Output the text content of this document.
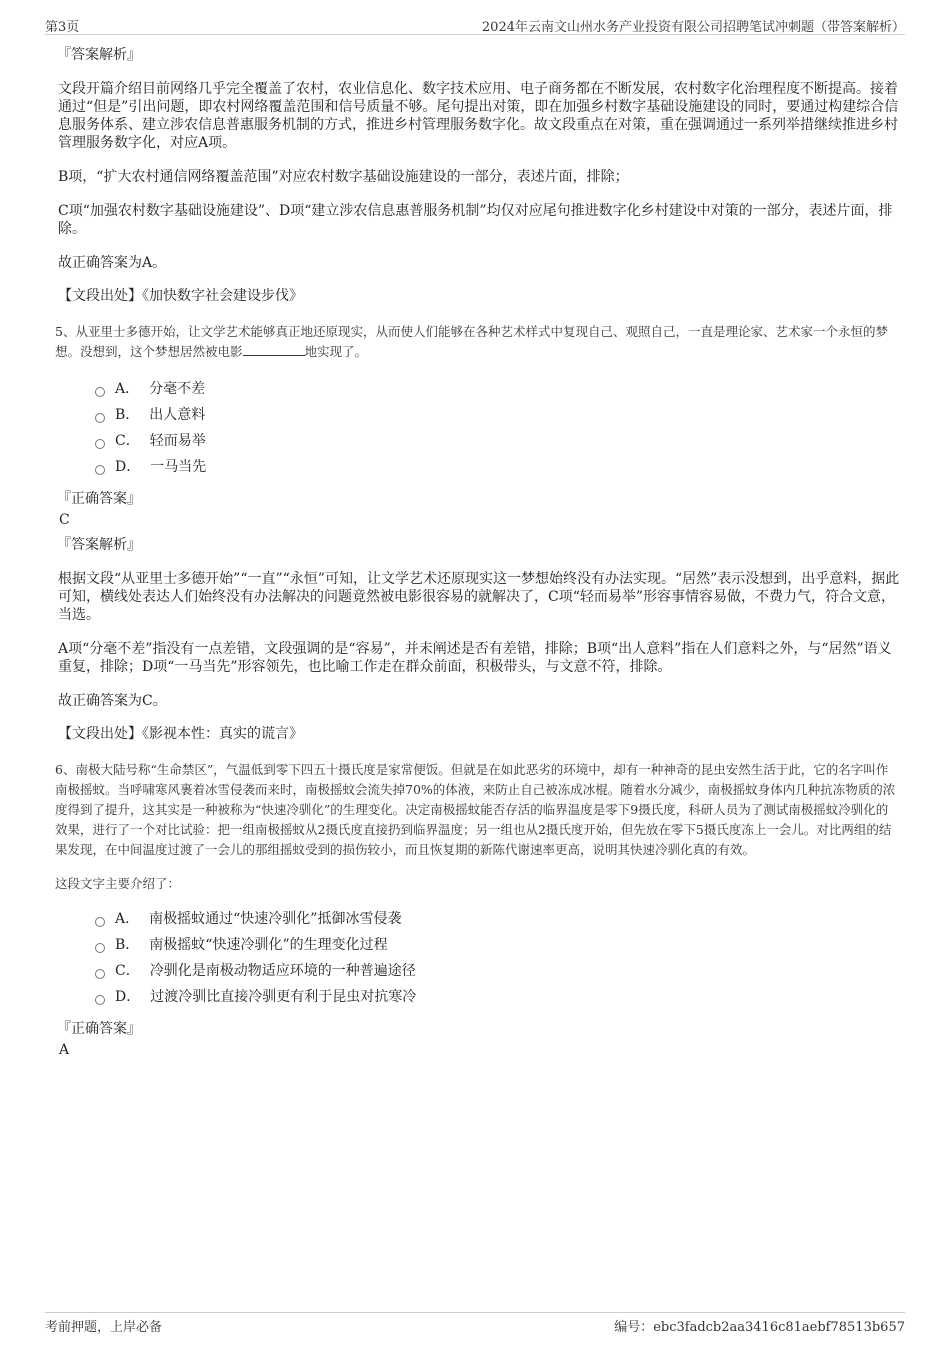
第3页	2024年云南文山州水务产业投资有限公司招聘笔试冲刺题（带答案解析）
『答案解析』

文段开篇介绍目前网络几乎完全覆盖了农村，农业信息化、数字技术应用、电子商务都在不断发展，农村数字化治理程度不断提高。接着通过“但是”引出问题，即农村网络覆盖范围和信号质量不够。尾句提出对策，即在加强乡村数字基础设施建设的同时，要通过构建综合信息服务体系、建立涉农信息普惠服务机制的方式，推进乡村管理服务数字化。故文段重点在对策，重在强调通过一系列举措继续推进乡村管理服务数字化，对应A项。

B项，“扩大农村通信网络覆盖范围”对应农村数字基础设施建设的一部分，表述片面，排除；

C项“加强农村数字基础设施建设”、D项“建立涉农信息惠普服务机制”均仅对应尾句推进数字化乡村建设中对策的一部分，表述片面，排除。

故正确答案为A。

【文段出处】《加快数字社会建设步伐》
5、从亚里士多德开始，让文学艺术能够真正地还原现实，从而使人们能够在各种艺术样式中复现自己、观照自己，一直是理论家、艺术家一个永恒的梦想。没想到，这个梦想居然被电影	地实现了。
A． 分毫不差
B． 出人意料
C． 轻而易举
D． 一马当先
『正确答案』
C
『答案解析』

根据文段“从亚里士多德开始”“一直”“永恒”可知，让文学艺术还原现实这一梦想始终没有办法实现。“居然”表示没想到，出乎意料，据此可知，横线处表达人们始终没有办法解决的问题竟然被电影很容易的就解决了，C项“轻而易举”形容事情容易做，不费力气，符合文意，当选。

A项“分毫不差”指没有一点差错，文段强调的是“容易”，并未阐述是否有差错，排除；B项“出人意料”指在人们意料之外，与“居然”语义重复，排除；D项“一马当先”形容领先，也比喻工作走在群众前面，积极带头，与文意不符，排除。

故正确答案为C。

【文段出处】《影视本性：真实的谎言》
6、南极大陆号称“生命禁区”，气温低到零下四五十摄氏度是家常便饭。但就是在如此恶劣的环境中，却有一种神奇的昆虫安然生活于此，它的名字叫作南极摇蚊。当呼啸寒风裹着冰雪侵袭而来时，南极摇蚊会流失掉70%的体液，来防止自己被冻成冰棍。随着水分减少，南极摇蚊身体内几种抗冻物质的浓度得到了提升，这其实是一种被称为“快速冷驯化”的生理变化。决定南极摇蚊能否存活的临界温度是零下9摄氏度，科研人员为了测试南极摇蚊冷驯化的效果，进行了一个对比试验：把一组南极摇蚊从2摄氏度直接扔到临界温度；另一组也从2摄氏度开始，但先放在零下5摄氏度冻上一会儿。对比两组的结果发现，在中间温度过渡了一会儿的那组摇蚊受到的损伤较小，而且恢复期的新陈代谢速率更高，说明其快速冷驯化真的有效。
这段文字主要介绍了：
A． 南极摇蚊通过“快速冷驯化”抵御冰雪侵袭
B． 南极摇蚊“快速冷驯化”的生理变化过程
C． 冷驯化是南极动物适应环境的一种普遍途径
D． 过渡冷驯比直接冷驯更有利于昆虫对抗寒冷
『正确答案』
A
考前押题，上岸必备	编号：ebc3fadcb2aa3416c81aebf78513b657
